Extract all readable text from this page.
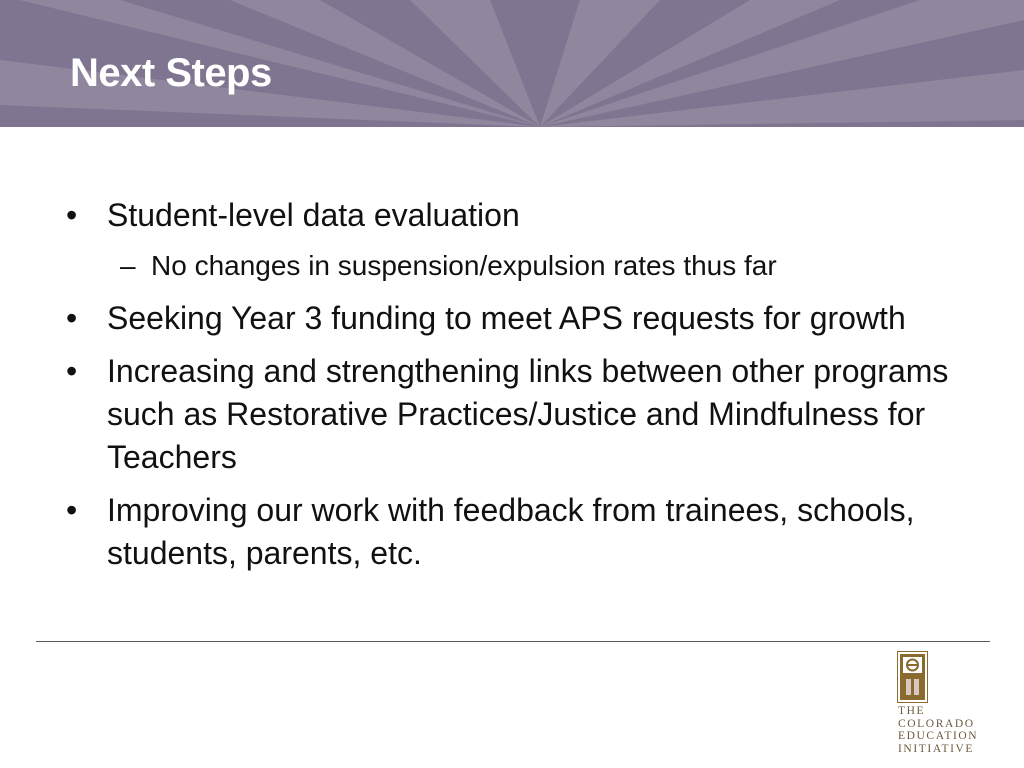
Next Steps
• Student-level data evaluation
– No changes in suspension/expulsion rates thus far
• Seeking Year 3 funding to meet APS requests for growth
• Increasing and strengthening links between other programs such as Restorative Practices/Justice and Mindfulness for Teachers
• Improving our work with feedback from trainees, schools, students, parents, etc.
THE
COLORADO
EDUCATION
INITIATIVE
